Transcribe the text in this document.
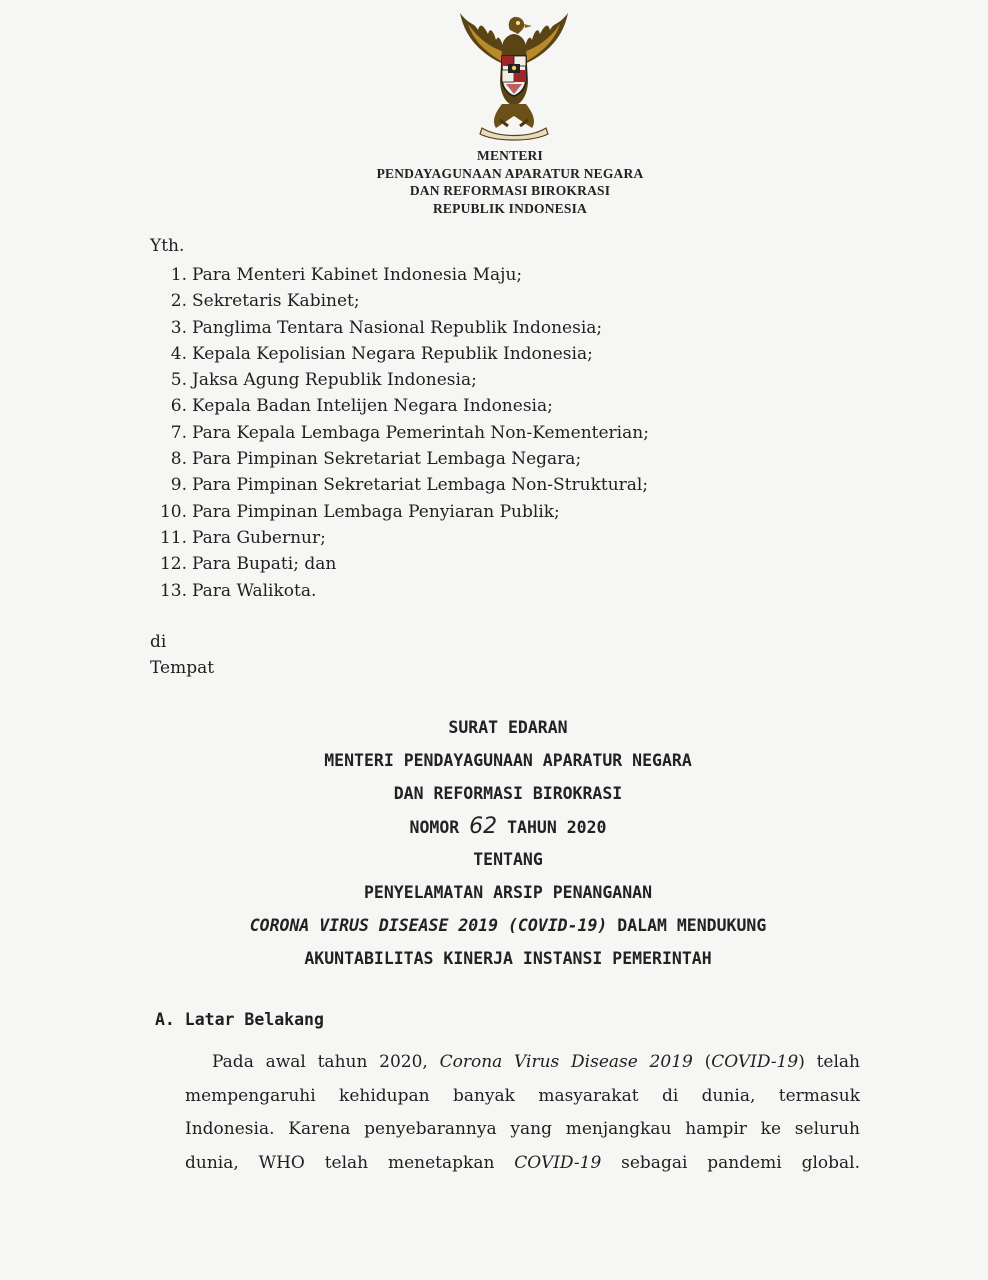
MENTERI
PENDAYAGUNAAN APARATUR NEGARA
DAN REFORMASI BIROKRASI
REPUBLIK INDONESIA
Yth.
1. Para Menteri Kabinet Indonesia Maju;
2. Sekretaris Kabinet;
3. Panglima Tentara Nasional Republik Indonesia;
4. Kepala Kepolisian Negara Republik Indonesia;
5. Jaksa Agung Republik Indonesia;
6. Kepala Badan Intelijen Negara Indonesia;
7. Para Kepala Lembaga Pemerintah Non-Kementerian;
8. Para Pimpinan Sekretariat Lembaga Negara;
9. Para Pimpinan Sekretariat Lembaga Non-Struktural;
10. Para Pimpinan Lembaga Penyiaran Publik;
11. Para Gubernur;
12. Para Bupati; dan
13. Para Walikota.
di
Tempat
SURAT EDARAN
MENTERI PENDAYAGUNAAN APARATUR NEGARA
DAN REFORMASI BIROKRASI
NOMOR 62 TAHUN 2020
TENTANG
PENYELAMATAN ARSIP PENANGANAN
CORONA VIRUS DISEASE 2019 (COVID-19) DALAM MENDUKUNG
AKUNTABILITAS KINERJA INSTANSI PEMERINTAH
A. Latar Belakang
Pada awal tahun 2020, Corona Virus Disease 2019 (COVID-19) telah
mempengaruhi kehidupan banyak masyarakat di dunia, termasuk
Indonesia. Karena penyebarannya yang menjangkau hampir ke seluruh
dunia, WHO telah menetapkan COVID-19 sebagai pandemi global.
